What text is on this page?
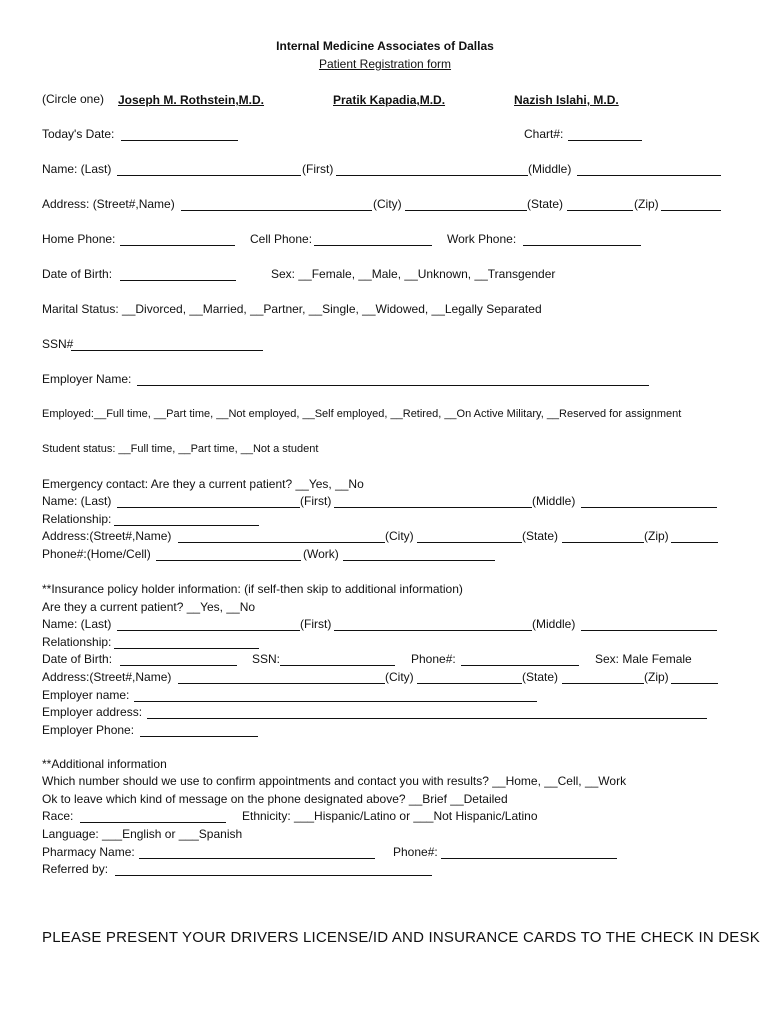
Internal Medicine Associates of Dallas
Patient Registration form
(Circle one) Joseph M. Rothstein,M.D.	Pratik Kapadia,M.D.	Nazish Islahi, M.D.
Today's Date:	Chart#:
Name: (Last)	(First)	(Middle)
Address: (Street#,Name)	(City)	(State)	(Zip)
Home Phone:	Cell Phone:	Work Phone:
Date of Birth:	Sex: __Female, __Male, __Unknown, __Transgender
Marital Status: __Divorced, __Married, __Partner, __Single, __Widowed, __Legally Separated
SSN#
Employer Name:
Employed:__Full time, __Part time, __Not employed, __Self employed, __Retired, __On Active Military, __Reserved for assignment
Student status: __Full time, __Part time, __Not a student
Emergency contact: Are they a current patient? __Yes, __No
Name: (Last)	(First)	(Middle)
Relationship:
Address:(Street#,Name)	(City)	(State)	(Zip)
Phone#:(Home/Cell)	(Work)
**Insurance policy holder information: (if self-then skip to additional information)
Are they a current patient? __Yes, __No
Name: (Last)	(First)	(Middle)
Relationship:
Date of Birth:	SSN:	Phone#:	Sex: Male Female
Address:(Street#,Name)	(City)	(State)	(Zip)
Employer name:
Employer address:
Employer Phone:
**Additional information
Which number should we use to confirm appointments and contact you with results? __Home, __Cell, __Work
Ok to leave which kind of message on the phone designated above? __Brief __Detailed
Race:	Ethnicity: ___Hispanic/Latino or ___Not Hispanic/Latino
Language: ___English or ___Spanish
Pharmacy Name:	Phone#:
Referred by:
PLEASE PRESENT YOUR DRIVERS LICENSE/ID AND INSURANCE CARDS TO THE CHECK IN DESK
